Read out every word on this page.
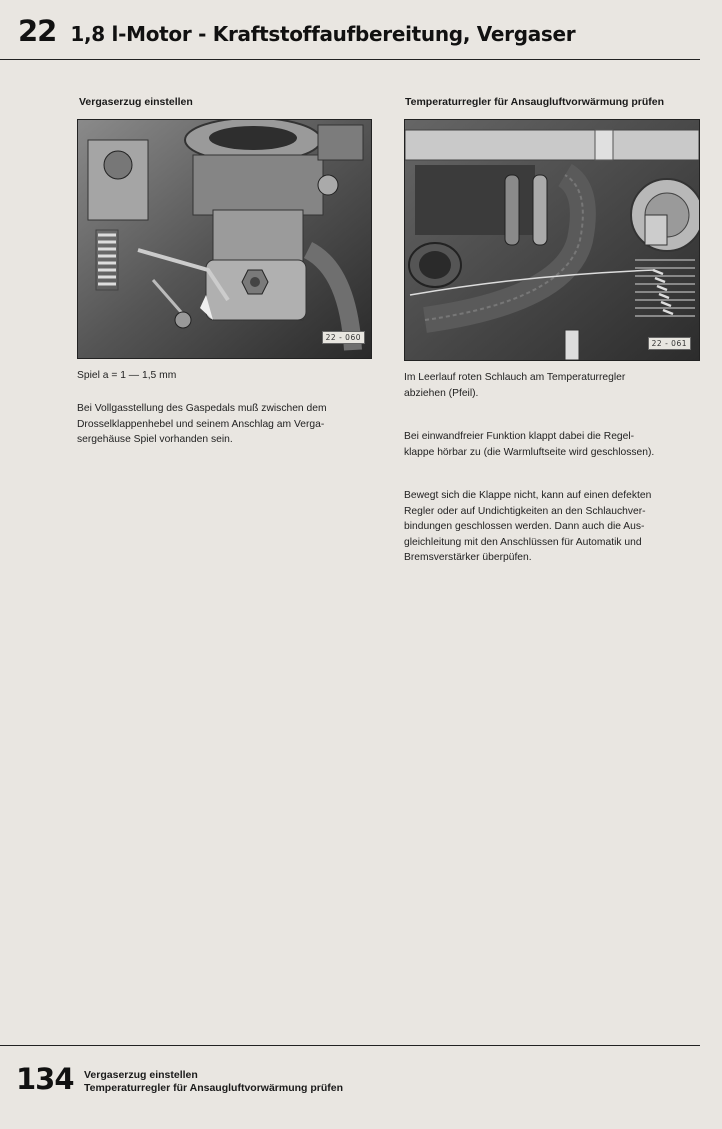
22 1,8 l-Motor - Kraftstoffaufbereitung, Vergaser
Vergaserzug einstellen
22 - 060
Spiel a = 1 — 1,5 mm
Bei Vollgasstellung des Gaspedals muß zwischen dem
Drosselklappenhebel und seinem Anschlag am Verga-
sergehäuse Spiel vorhanden sein.
Temperaturregler für Ansaugluftvorwärmung prüfen
22 - 061
Im Leerlauf roten Schlauch am Temperaturregler
abziehen (Pfeil).
Bei einwandfreier Funktion klappt dabei die Regel-
klappe hörbar zu (die Warmluftseite wird geschlossen).
Bewegt sich die Klappe nicht, kann auf einen defekten
Regler oder auf Undichtigkeiten an den Schlauchver-
bindungen geschlossen werden. Dann auch die Aus-
gleichleitung mit den Anschlüssen für Automatik und
Bremsverstärker überpüfen.
134 Vergaserzug einstellen
Temperaturregler für Ansaugluftvorwärmung prüfen
